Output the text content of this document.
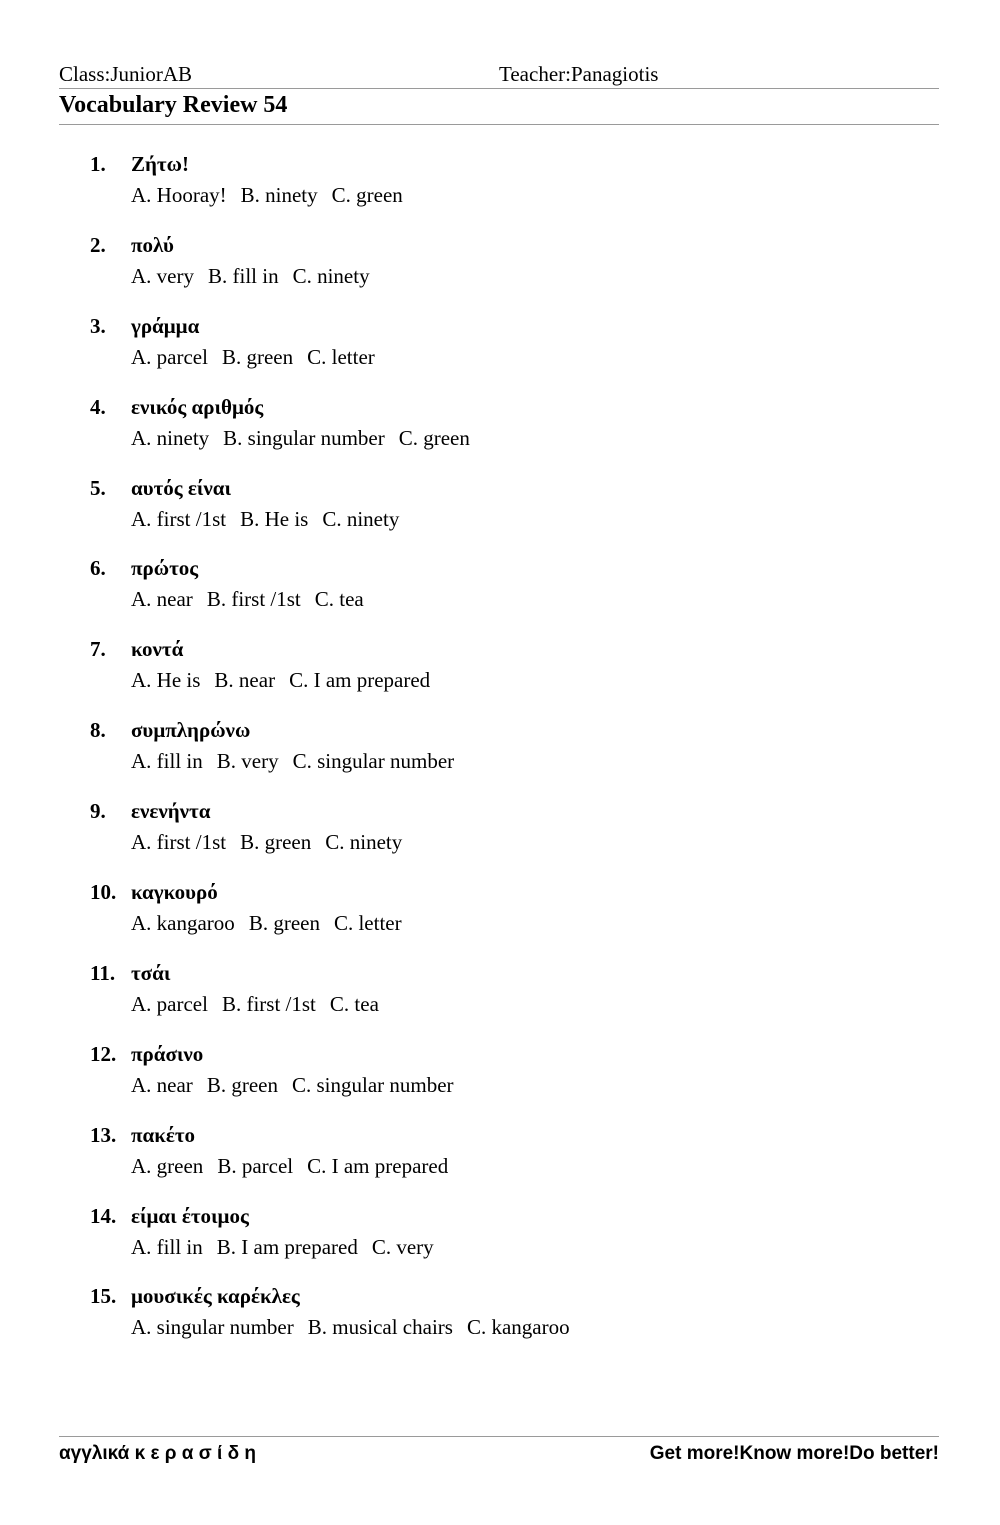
Class:JuniorAB	Teacher:Panagiotis
Vocabulary Review 54
1. Ζήτω!
A. Hooray! B. ninety C. green
2. πολύ
A. very B. fill in C. ninety
3. γράμμα
A. parcel B. green C. letter
4. ενικός αριθμός
A. ninety B. singular number C. green
5. αυτός είναι
A. first /1st B. He is C. ninety
6. πρώτος
A. near B. first /1st C. tea
7. κοντά
A. He is B. near C. I am prepared
8. συμπληρώνω
A. fill in B. very C. singular number
9. ενενήντα
A. first /1st B. green C. ninety
10. καγκουρό
A. kangaroo B. green C. letter
11. τσάι
A. parcel B. first /1st C. tea
12. πράσινο
A. near B. green C. singular number
13. πακέτο
A. green B. parcel C. I am prepared
14. είμαι έτοιμος
A. fill in B. I am prepared C. very
15. μουσικές καρέκλες
A. singular number B. musical chairs C. kangaroo
αγγλικά κ ε ρ α σ ί δ η	Get more!Know more!Do better!
